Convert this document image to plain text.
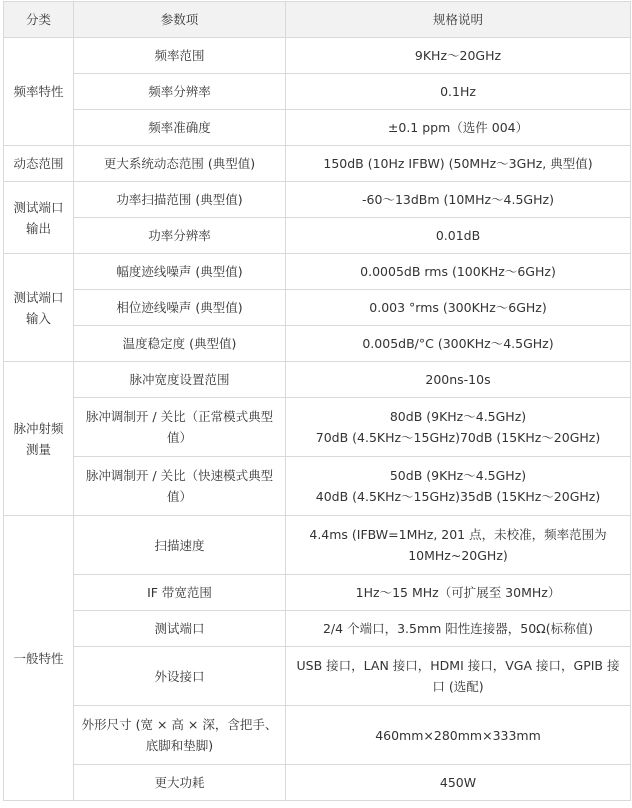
分类	参数项	规格说明
频率特性	频率范围	9KHz～20GHz

	频率分辨率	0.1Hz

	频率准确度	±0.1 ppm（选件 004）

动态范围	更大系统动态范围 (典型值)	150dB (10Hz IFBW) (50MHz～3GHz, 典型值)

测试端口输出	功率扫描范围 (典型值)	-60～13dBm (10MHz～4.5GHz)

	功率分辨率	0.01dB

测试端口输入	幅度迹线噪声 (典型值)	0.0005dB rms (100KHz～6GHz)

	相位迹线噪声 (典型值)	0.003 °rms (300KHz～6GHz)

	温度稳定度 (典型值)	0.005dB/°C (300KHz～4.5GHz)

脉冲射频测量	脉冲宽度设置范围	200ns-10s

	脉冲调制开 / 关比（正常模式典型值）	80dB (9KHz～4.5GHz)
70dB (4.5KHz～15GHz)70dB (15KHz～20GHz)

	脉冲调制开 / 关比（快速模式典型值）	50dB (9KHz～4.5GHz)
40dB (4.5KHz～15GHz)35dB (15KHz～20GHz)

一般特性	扫描速度	4.4ms (IFBW=1MHz, 201 点，未校准，频率范围为 10MHz~20GHz)

	IF 带宽范围	1Hz～15 MHz（可扩展至 30MHz）

	测试端口	2/4 个端口，3.5mm 阳性连接器，50Ω(标称值)

	外设接口	USB 接口，LAN 接口，HDMI 接口，VGA 接口，GPIB 接口 (选配)

	外形尺寸 (宽 × 高 × 深，含把手、底脚和垫脚)	460mm×280mm×333mm

	更大功耗	450W
